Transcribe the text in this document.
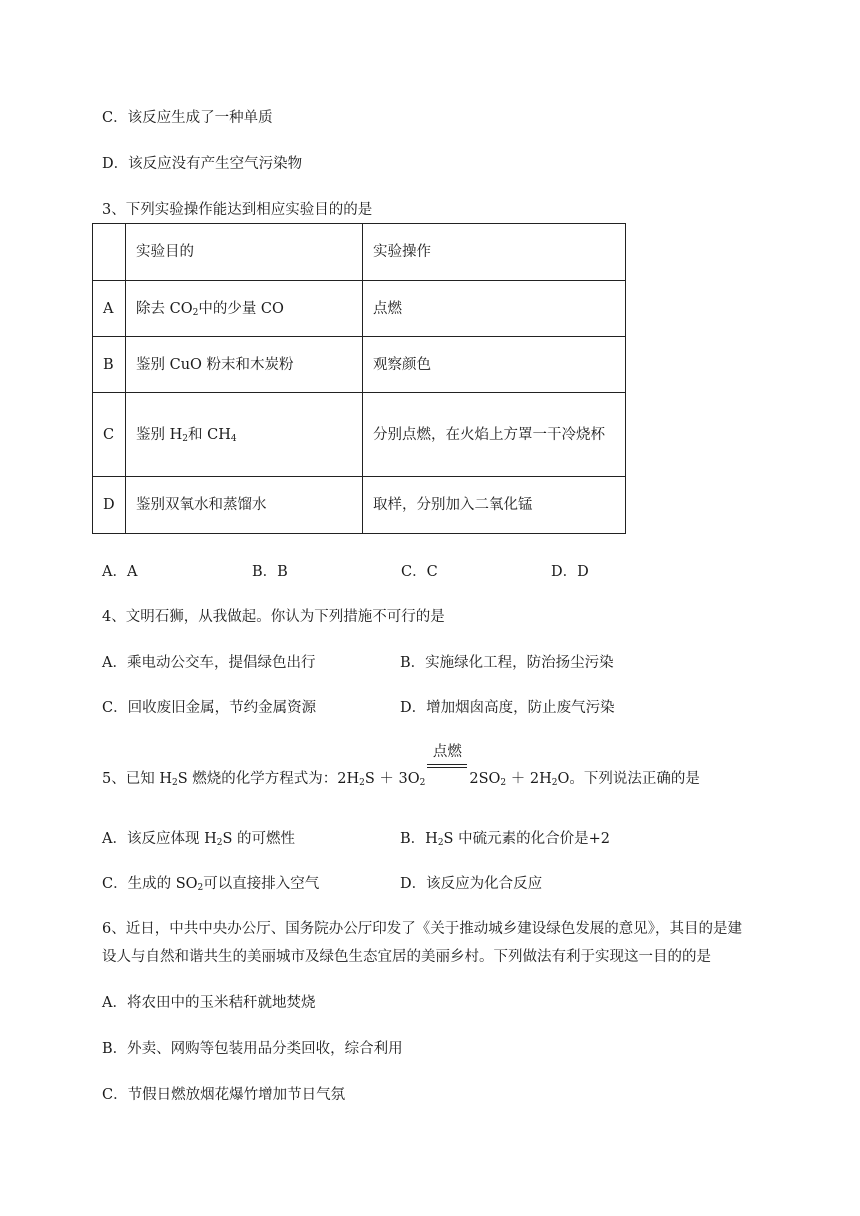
C．该反应生成了一种单质
D．该反应没有产生空气污染物
3、下列实验操作能达到相应实验目的的是
	实验目的	实验操作
A	除去 $CO_2$中的少量 CO	点燃
B	鉴别 CuO 粉末和木炭粉	观察颜色
C	鉴别 $H_2$和 $CH_4$	分别点燃，在火焰上方罩一干冷烧杯
D	鉴别双氧水和蒸馏水	取样，分别加入二氧化锰
A．A	B．B	C．C	D．D
4、文明石狮，从我做起。你认为下列措施不可行的是
A．乘电动公交车，提倡绿色出行	B．实施绿化工程，防治扬尘污染
C．回收废旧金属，节约金属资源	D．增加烟囱高度，防止废气污染
5、已知 $H_2S$ 燃烧的化学方程式为：$2H_2S + 3O_2$
点燃
$2SO_2 + 2H_2O$。下列说法正确的是
A．该反应体现 $H_2S$ 的可燃性	B．$H_2S$ 中硫元素的化合价是+2
C．生成的 $SO_2$可以直接排入空气	D．该反应为化合反应
6、近日，中共中央办公厅、国务院办公厅印发了《关于推动城乡建设绿色发展的意见》，其目的是建
设人与自然和谐共生的美丽城市及绿色生态宜居的美丽乡村。下列做法有利于实现这一目的的是
A．将农田中的玉米秸秆就地焚烧
B．外卖、网购等包装用品分类回收，综合利用
C．节假日燃放烟花爆竹增加节日气氛
